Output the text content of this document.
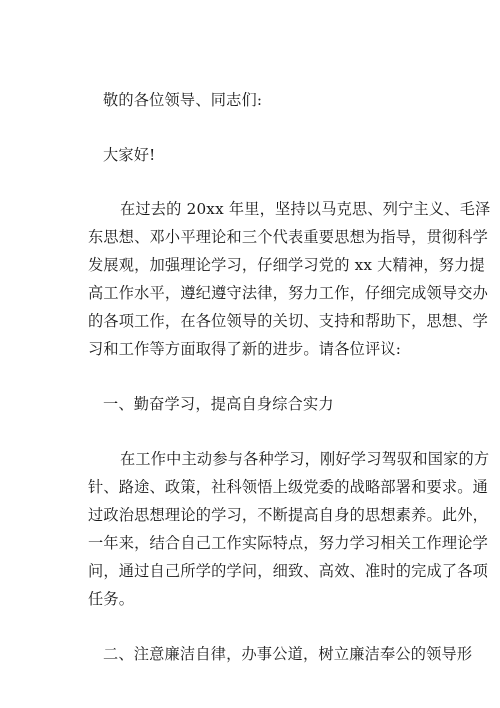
敬的各位领导、同志们:
大家好!
在过去的 20xx 年里，坚持以马克思、列宁主义、毛泽
东思想、邓小平理论和三个代表重要思想为指导，贯彻科学
发展观，加强理论学习，仔细学习党的 xx 大精神，努力提
高工作水平，遵纪遵守法律，努力工作，仔细完成领导交办
的各项工作，在各位领导的关切、支持和帮助下，思想、学
习和工作等方面取得了新的进步。请各位评议:
一、勤奋学习，提高自身综合实力
在工作中主动参与各种学习，刚好学习驾驭和国家的方
针、路途、政策，社科领悟上级党委的战略部署和要求。通
过政治思想理论的学习，不断提高自身的思想素养。此外，
一年来，结合自己工作实际特点，努力学习相关工作理论学
问，通过自己所学的学问，细致、高效、准时的完成了各项
任务。
二、注意廉洁自律，办事公道，树立廉洁奉公的领导形
